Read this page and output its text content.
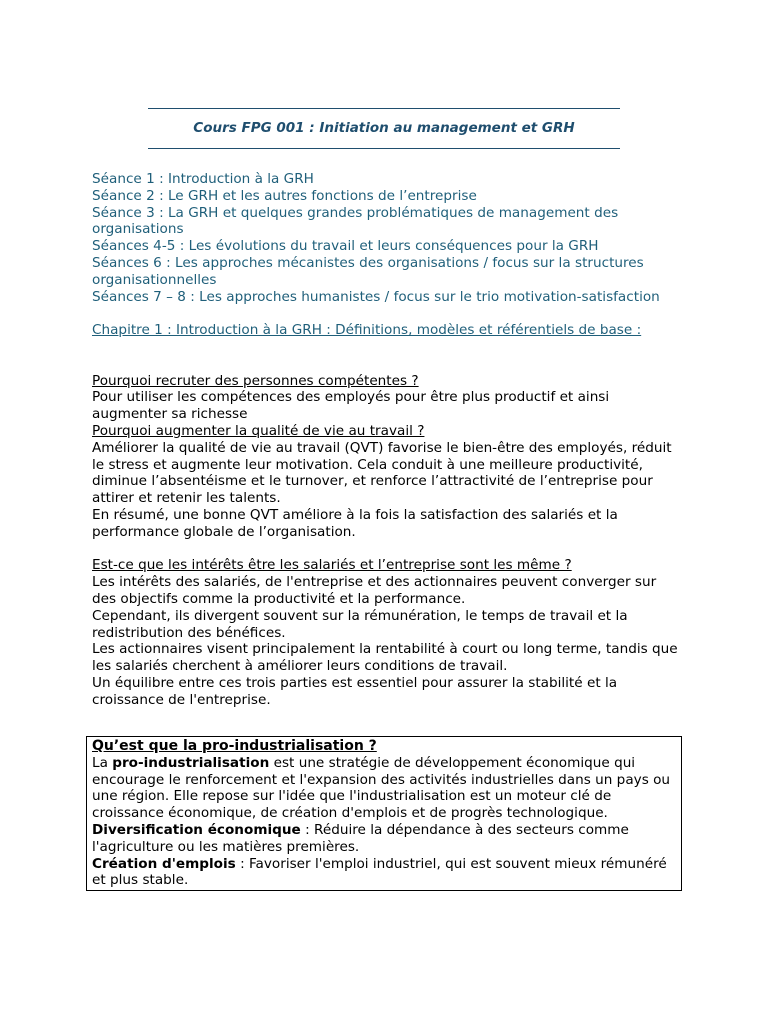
Cours FPG 001 : Initiation au management et GRH

Séance 1 : Introduction à la GRH

Séance 2 : Le GRH et les autres fonctions de l’entreprise

Séance 3 : La GRH et quelques grandes problématiques de management des organisations

Séances 4-5 : Les évolutions du travail et leurs conséquences pour la GRH

Séances 6 : Les approches mécanistes des organisations / focus sur la structures organisationnelles

Séances 7 – 8 : Les approches humanistes / focus sur le trio motivation-satisfaction

Chapitre 1 : Introduction à la GRH : Définitions, modèles et référentiels de base :

Pourquoi recruter des personnes compétentes ?

Pour utiliser les compétences des employés pour être plus productif et ainsi augmenter sa richesse

Pourquoi augmenter la qualité de vie au travail ?

Améliorer la qualité de vie au travail (QVT) favorise le bien-être des employés, réduit le stress et augmente leur motivation. Cela conduit à une meilleure productivité, diminue l’absentéisme et le turnover, et renforce l’attractivité de l’entreprise pour attirer et retenir les talents.

En résumé, une bonne QVT améliore à la fois la satisfaction des salariés et la performance globale de l’organisation.

Est-ce que les intérêts être les salariés et l’entreprise sont les même ?

Les intérêts des salariés, de l'entreprise et des actionnaires peuvent converger sur des objectifs comme la productivité et la performance.

Cependant, ils divergent souvent sur la rémunération, le temps de travail et la redistribution des bénéfices.

Les actionnaires visent principalement la rentabilité à court ou long terme, tandis que les salariés cherchent à améliorer leurs conditions de travail.

Un équilibre entre ces trois parties est essentiel pour assurer la stabilité et la croissance de l'entreprise.

Qu’est que la pro-industrialisation ?

La pro-industrialisation est une stratégie de développement économique qui encourage le renforcement et l'expansion des activités industrielles dans un pays ou une région. Elle repose sur l'idée que l'industrialisation est un moteur clé de croissance économique, de création d'emplois et de progrès technologique.

Diversification économique : Réduire la dépendance à des secteurs comme l'agriculture ou les matières premières.

Création d'emplois : Favoriser l'emploi industriel, qui est souvent mieux rémunéré et plus stable.
